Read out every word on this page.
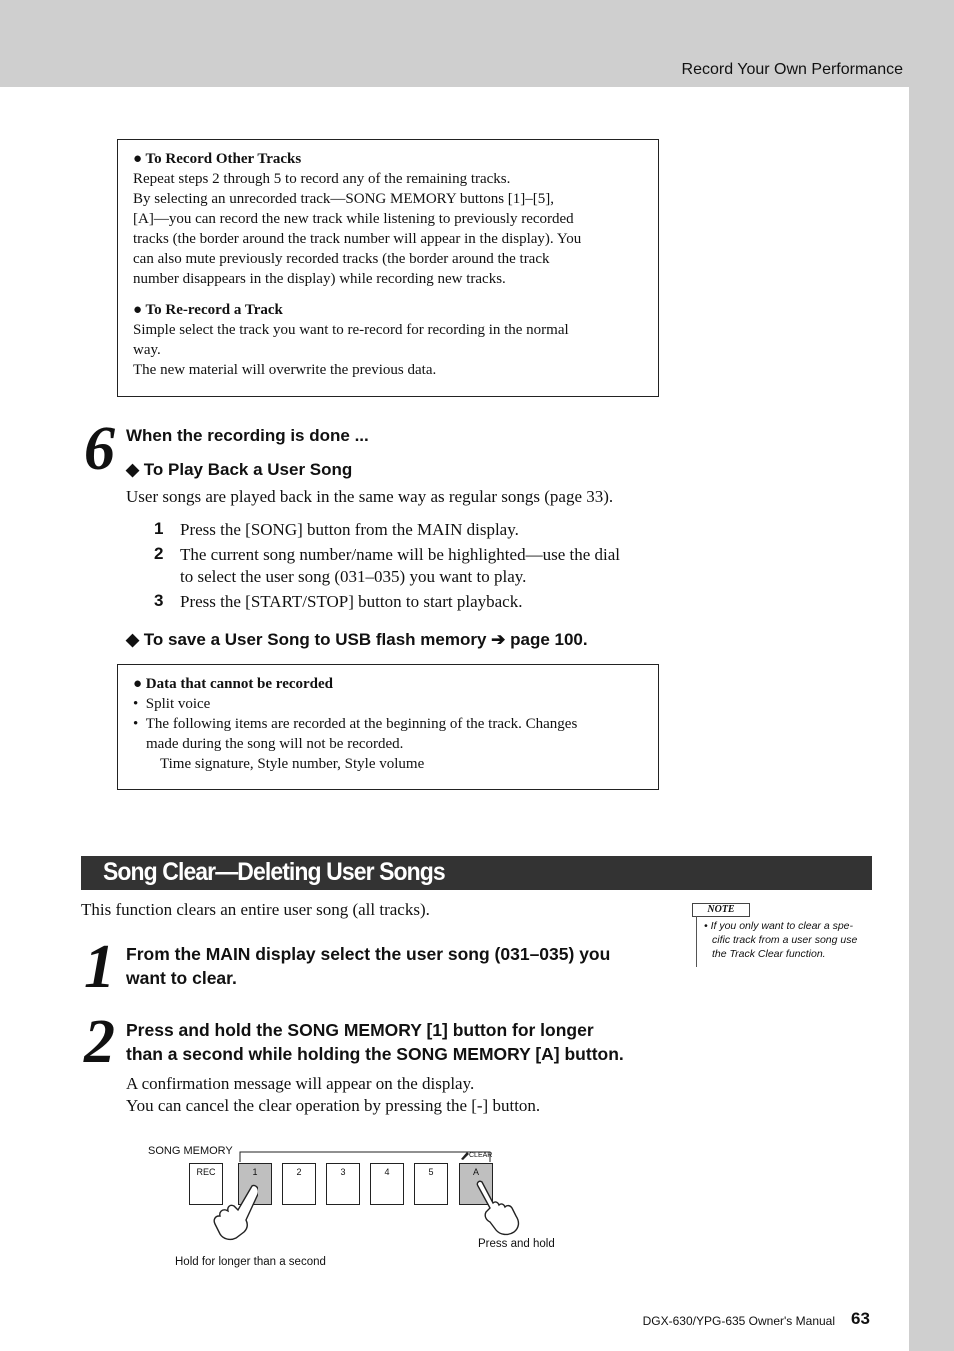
Record Your Own Performance

● To Record Other Tracks

Repeat steps 2 through 5 to record any of the remaining tracks.

By selecting an unrecorded track—SONG MEMORY buttons [1]–[5],

[A]—you can record the new track while listening to previously recorded

tracks (the border around the track number will appear in the display). You

can also mute previously recorded tracks (the border around the track

number disappears in the display) while recording new tracks.

● To Re-record a Track

Simple select the track you want to re-record for recording in the normal

way.

The new material will overwrite the previous data.

6 When the recording is done ...
◆ To Play Back a User Song
User songs are played back in the same way as regular songs (page 33).
1 Press the [SONG] button from the MAIN display.
2 The current song number/name will be highlighted—use the dial
to select the user song (031–035) you want to play.
3 Press the [START/STOP] button to start playback.
◆ To save a User Song to USB flash memory ➔ page 100.

● Data that cannot be recorded

•  Split voice

•  The following items are recorded at the beginning of the track. Changes

made during the song will not be recorded.

Time signature, Style number, Style volume

Song Clear—Deleting User Songs
This function clears an entire user song (all tracks).	NOTE
• If you only want to clear a spe-
cific track from a user song use
the Track Clear function.
1 From the MAIN display select the user song (031–035) you
want to clear.
2 Press and hold the SONG MEMORY [1] button for longer
than a second while holding the SONG MEMORY [A] button.
A confirmation message will appear on the display.
You can cancel the clear operation by pressing the [-] button.
SONG MEMORY	CLEAR
REC	1	2	3	4	5	A
Hold for longer than a second
Press and hold
DGX-630/YPG-635 Owner's Manual 63
